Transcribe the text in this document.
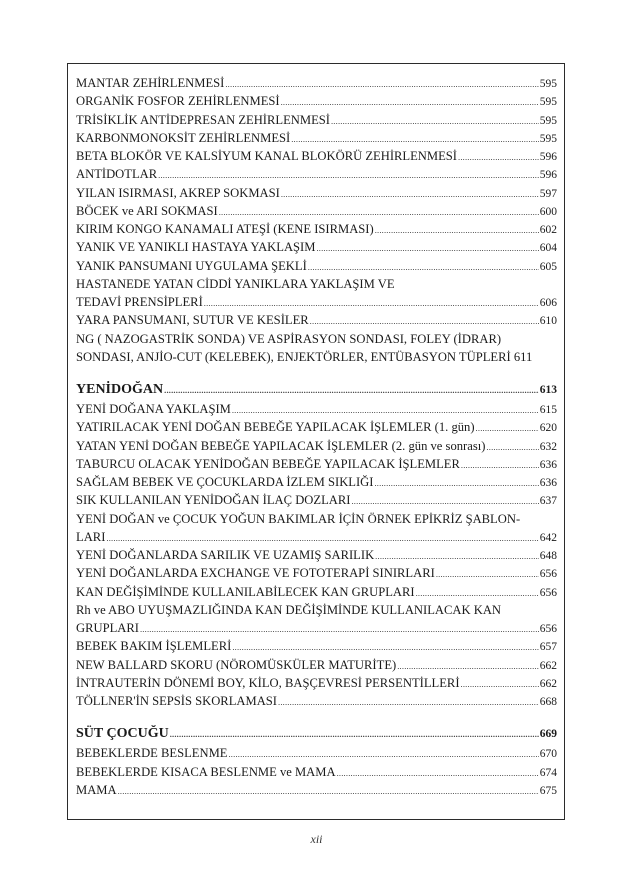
MANTAR ZEHİRLENMESİ .....	595
ORGANİK FOSFOR ZEHİRLENMESİ .....	595
TRİSİKLİK ANTİDEPRESAN ZEHİRLENMESİ .....	595
KARBONMONOKSİT ZEHİRLENMESİ .....	595
BETA BLOKÖR VE KALSİYUM KANAL BLOKÖRÜ ZEHİRLENMESİ .....	596
ANTİDOTLAR .....	596
YILAN ISIRMASI, AKREP SOKMASI .....	597
BÖCEK ve ARI SOKMASI .....	600
KIRIM KONGO KANAMALI ATEŞİ (KENE ISIRMASI) .....	602
YANIK VE YANIKLI HASTAYA YAKLAŞIM .....	604
YANIK PANSUMANI UYGULAMA ŞEKLİ .....	605
HASTANEDE YATAN CİDDİ YANIKLARA YAKLAŞIM VE
TEDAVİ PRENSİPLERİ .....	606
YARA PANSUMANI, SUTUR VE KESİLER .....	610
NG ( NAZOGASTRİK SONDA) VE ASPİRASYON SONDASI, FOLEY (İDRAR)
SONDASI, ANJİO-CUT (KELEBEK), ENJEKTÖRLER, ENTÜBASYON TÜPLERİ 611
YENİDOĞAN .....	613
YENİ DOĞANA YAKLAŞIM .....	615
YATIRILACAK YENİ DOĞAN BEBEĞE YAPILACAK İŞLEMLER (1. gün) .....	620
YATAN YENİ DOĞAN BEBEĞE YAPILACAK İŞLEMLER (2. gün ve sonrası) .....	632
TABURCU OLACAK YENİDOĞAN BEBEĞE YAPILACAK İŞLEMLER .....	636
SAĞLAM BEBEK VE ÇOCUKLARDA İZLEM SIKLIĞI .....	636
SIK KULLANILAN YENİDOĞAN İLAÇ DOZLARI .....	637
YENİ DOĞAN ve ÇOCUK YOĞUN BAKIMLAR İÇİN ÖRNEK EPİKRİZ ŞABLON-
LARI .....	642
YENİ DOĞANLARDA SARILIK VE UZAMIŞ SARILIK .....	648
YENİ DOĞANLARDA EXCHANGE VE FOTOTERAPİ SINIRLARI .....	656
KAN DEĞİŞİMİNDE KULLANILABİLECEK KAN GRUPLARI .....	656
Rh ve ABO UYUŞMAZLIĞINDA KAN DEĞİŞİMİNDE KULLANILACAK KAN
GRUPLARI .....	656
BEBEK BAKIM İŞLEMLERİ .....	657
NEW BALLARD SKORU (NÖROMÜSKÜLER MATURİTE) .....	662
İNTRAUTERİN DÖNEMİ BOY, KİLO, BAŞÇEVRESİ PERSENTİLLERİ .....	662
TÖLLNER'İN SEPSİS SKORLAMASI .....	668
SÜT ÇOCUĞU .....	669
BEBEKLERDE BESLENME .....	670
BEBEKLERDE KISACA BESLENME ve MAMA .....	674
MAMA .....	675
xii
